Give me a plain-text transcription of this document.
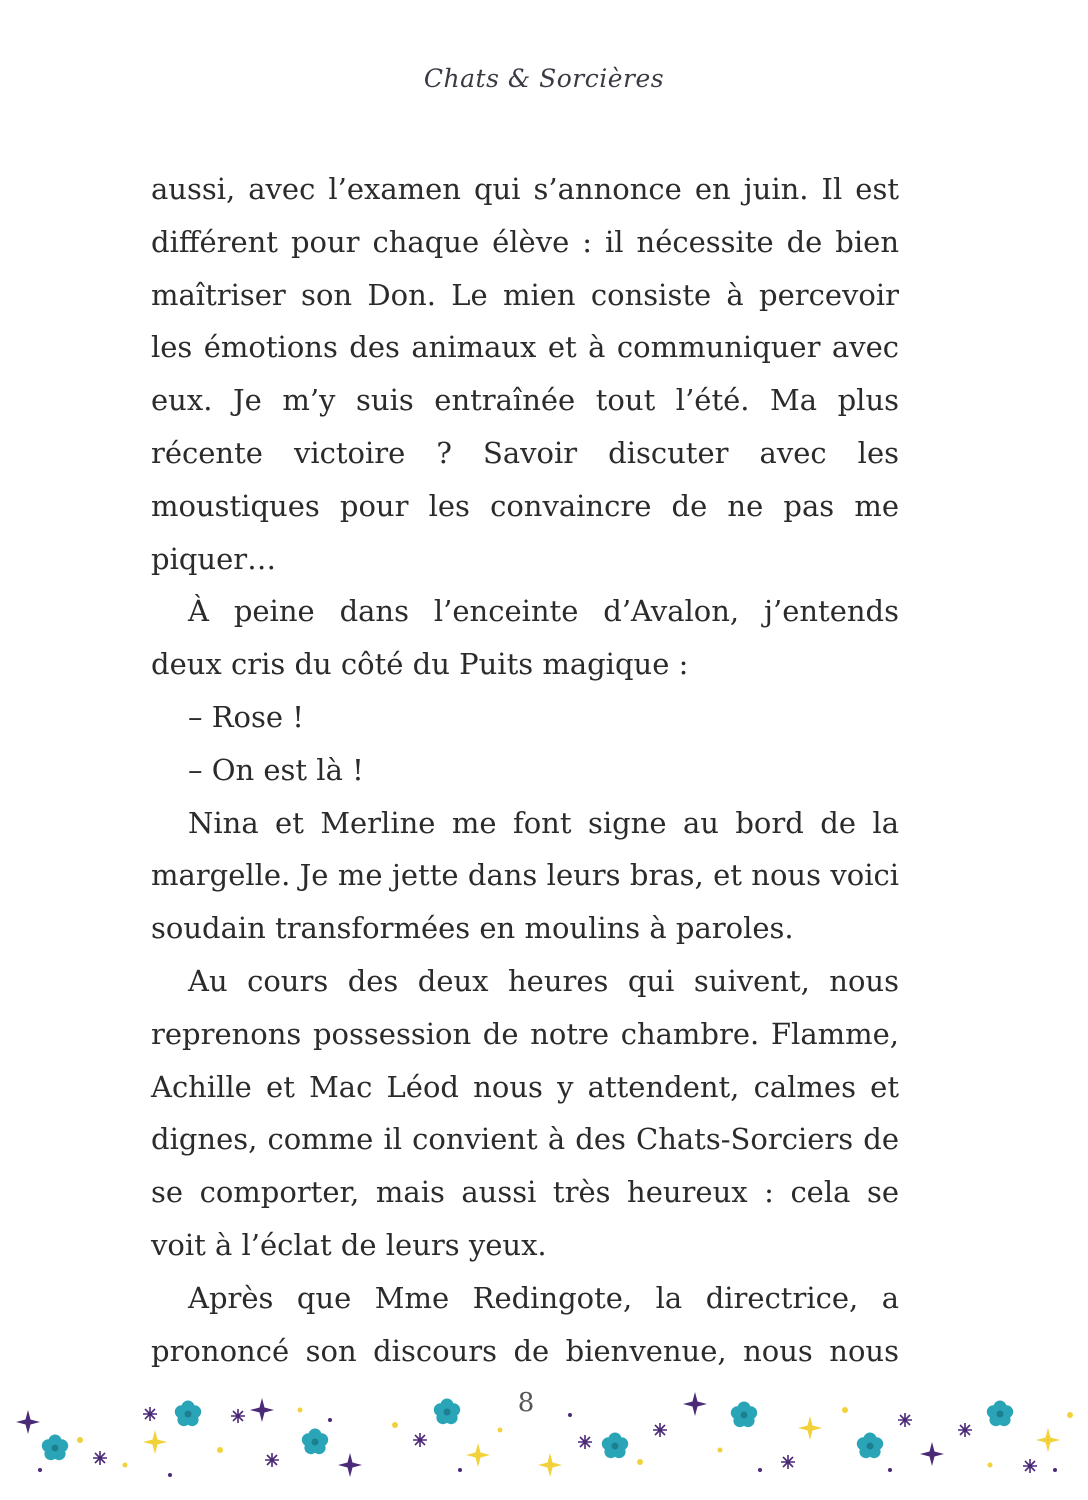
Chats & Sorcières

aussi, avec l’examen qui s’annonce en juin. Il est différent pour chaque élève : il nécessite de bien maîtriser son Don. Le mien consiste à percevoir les émotions des animaux et à communiquer avec eux. Je m’y suis entraînée tout l’été. Ma plus récente victoire ? Savoir discuter avec les moustiques pour les convaincre de ne pas me piquer…

À peine dans l’enceinte d’Avalon, j’entends deux cris du côté du Puits magique :

– Rose !

– On est là !

Nina et Merline me font signe au bord de la margelle. Je me jette dans leurs bras, et nous voici soudain transformées en moulins à paroles.

Au cours des deux heures qui suivent, nous reprenons possession de notre chambre. Flamme, Achille et Mac Léod nous y attendent, calmes et dignes, comme il convient à des Chats-Sorciers de se comporter, mais aussi très heureux : cela se voit à l’éclat de leurs yeux.

Après que Mme Redingote, la directrice, a prononcé son discours de bienvenue, nous nous

8
